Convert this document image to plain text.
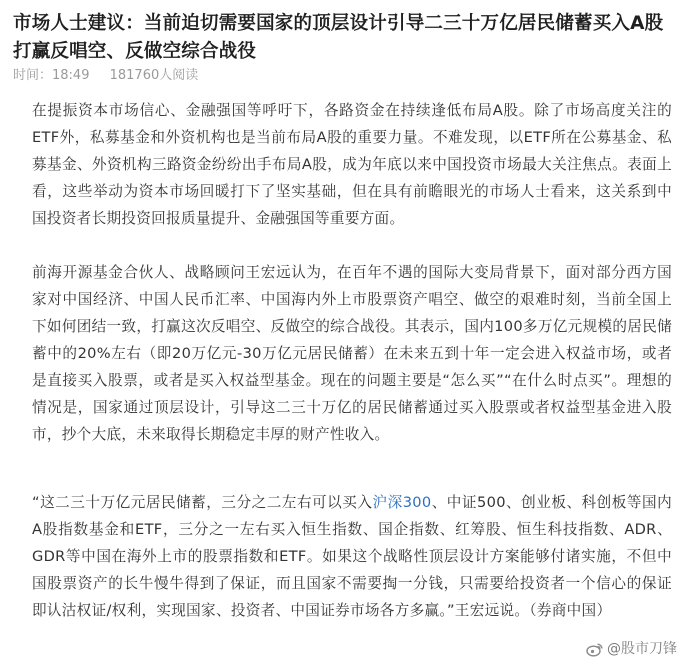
市场人士建议：当前迫切需要国家的顶层设计引导二三十万亿居民储蓄买入A股打赢反唱空、反做空综合战役
时间：18:49 181760人阅读

在提振资本市场信心、金融强国等呼吁下，各路资金在持续逢低布局A股。除了市场高度关注的ETF外，私募基金和外资机构也是当前布局A股的重要力量。不难发现，以ETF所在公募基金、私募基金、外资机构三路资金纷纷出手布局A股，成为年底以来中国投资市场最大关注焦点。表面上看，这些举动为资本市场回暖打下了坚实基础，但在具有前瞻眼光的市场人士看来，这关系到中国投资者长期投资回报质量提升、金融强国等重要方面。

前海开源基金合伙人、战略顾问王宏远认为，在百年不遇的国际大变局背景下，面对部分西方国家对中国经济、中国人民币汇率、中国海内外上市股票资产唱空、做空的艰难时刻，当前全国上下如何团结一致，打赢这次反唱空、反做空的综合战役。其表示，国内100多万亿元规模的居民储蓄中的20%左右（即20万亿元-30万亿元居民储蓄）在未来五到十年一定会进入权益市场，或者是直接买入股票，或者是买入权益型基金。现在的问题主要是“怎么买”“在什么时点买”。理想的情况是，国家通过顶层设计，引导这二三十万亿的居民储蓄通过买入股票或者权益型基金进入股市，抄个大底，未来取得长期稳定丰厚的财产性收入。

“这二三十万亿元居民储蓄，三分之二左右可以买入沪深300、中证500、创业板、科创板等国内A股指数基金和ETF，三分之一左右买入恒生指数、国企指数、红筹股、恒生科技指数、ADR、GDR等中国在海外上市的股票指数和ETF。如果这个战略性顶层设计方案能够付诸实施，不但中国股票资产的长牛慢牛得到了保证，而且国家不需要掏一分钱，只需要给投资者一个信心的保证即认沽权证/权利，实现国家、投资者、中国证券市场各方多赢。”王宏远说。（券商中国）

@股市刀锋
